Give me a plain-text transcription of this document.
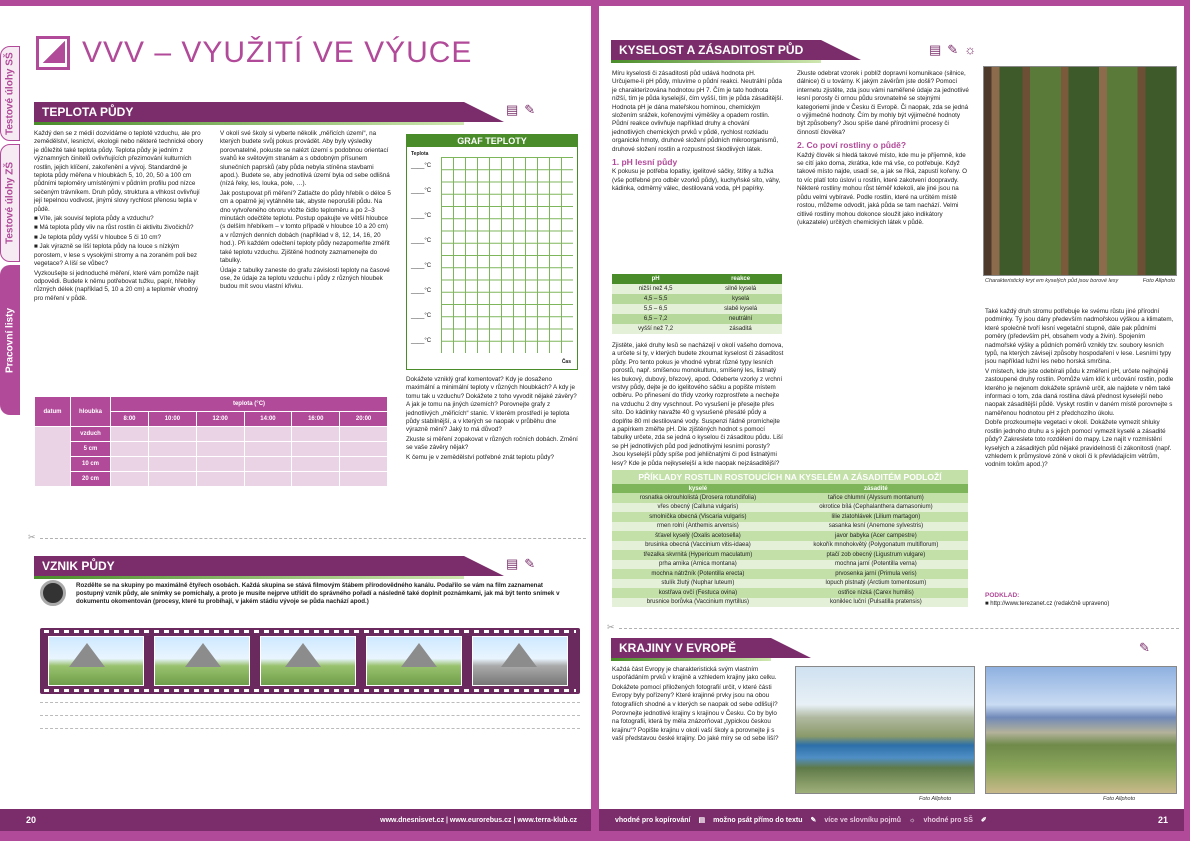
Testové úlohy SŠ
Testové úlohy ZŠ
Pracovní listy
VVV – VYUŽITÍ VE VÝUCE
TEPLOTA PŮDY	▤ ✎

Každý den se z médií dozvídáme o teplotě vzduchu, ale pro zemědělství, lesnictví, ekologii nebo některé technické obory je důležité také teplota půdy. Teplota půdy je jedním z významných činitelů ovlivňujících přezimování kulturních rostlin, jejich klíčení, zakořenění a vývoj. Standardně je teplota půdy měřena v hloubkách 5, 10, 20, 50 a 100 cm půdními teploměry umístěnými v půdním profilu pod nízce sečeným trávníkem. Druh půdy, struktura a vlhkost ovlivňují její tepelnou vodivost, jinými slovy rychlost přenosu tepla v půdě.

■ Víte, jak souvisí teplota půdy a vzduchu?

■ Má teplota půdy vliv na růst rostlin či aktivitu živočichů?

■ Je teplota půdy vyšší v hloubce 5 či 10 cm?

■ Jak výrazně se liší teplota půdy na louce s nízkým porostem, v lese s vysokými stromy a na zoraném poli bez vegetace? A liší se vůbec?

Vyzkoušejte si jednoduché měření, které vám pomůže najít odpovědi. Budete k němu potřebovat tužku, papír, hřebíky různých délek (například 5, 10 a 20 cm) a teploměr vhodný pro měření v půdě.

V okolí své školy si vyberte několik „měřicích území“, na kterých budete svůj pokus provádět. Aby byly výsledky porovnatelné, pokuste se nalézt území s podobnou orientací svahů ke světovým stranám a s obdobným přísunem slunečních paprsků (aby půda nebyla stíněna stavbami apod.). Budete se, aby jednotlivá území byla od sebe odlišná (nízá řeky, les, louka, pole, …).

Jak postupovat při měření? Zatlačte do půdy hřebík o délce 5 cm a opatrně jej vytáhněte tak, abyste neporušili půdu. Na dno vytvořeného otvoru vložte čidlo teploměru a po 2–3 minutách odečtěte teplotu. Postup opakujte ve větší hloubce (s delším hřebíkem – v tomto případě v hloubce 10 a 20 cm) a v různých denních dobách (například v 8, 12, 14, 16, 20 hod.). Při každém odečtení teploty půdy nezapomeňte změřit také teplotu vzduchu. Zjištěné hodnoty zaznamenejte do tabulky.

Údaje z tabulky zaneste do grafu závislosti teploty na časové ose, že údaje za teplotu vzduchu i půdy z různých hloubek budou mít svou vlastní křivku.

GRAF TEPLOTY
Teplota
____°C
____°C
____°C
____°C
____°C
____°C
____°C
____°C
Čas

Dokážete vzniklý graf komentovat? Kdy je dosaženo maximální a minimální teploty v různých hloubkách? A kdy je tomu tak u vzduchu? Dokážete z toho vyvodit nějaké závěry? A jak je tomu na jiných územích? Porovnejte grafy z jednotlivých „měřicích“ stanic. V kterém prostředí je teplota půdy stabilnější, a v kterých se naopak v průběhu dne výrazně mění? Jaký to má důvod?

Zkuste si měření zopakovat v různých ročních dobách. Změní se vaše závěry nějak?

K čemu je v zemědělství potřebné znát teplotu půdy?

datum	hloubka	teplota (°C)					
		8:00	10:00	12:00	14:00	16:00	20:00
	vzduch						
	5 cm						
	10 cm						
	20 cm						
✂
VZNIK PŮDY	▤ ✎
Rozdělte se na skupiny po maximálně čtyřech osobách. Každá skupina se stává filmovým štábem přírodovědného kanálu. Podařilo se vám na film zaznamenat postupný vznik půdy, ale snímky se pomíchaly, a proto je musíte nejprve utřídit do správného pořadí a následně také doplnit poznámkami, jak má být tento snímek v dokumentu okomentován (procesy, které tu probíhají, v jakém stádiu vývoje se půda nachází apod.)
www.dnesnisvet.cz | www.eurorebus.cz | www.terra-klub.cz
20
KYSELOST A ZÁSADITOST PŮD	▤ ✎ ☼

Míru kyselosti či zásaditosti půd udává hodnota pH. Určujeme-li pH půdy, mluvíme o půdní reakci. Neutrální půda je charakterizována hodnotou pH 7. Čím je tato hodnota nižší, tím je půda kyselejší, čím vyšší, tím je půda zásaditější. Hodnota pH je dána mateřskou horninou, chemickým složením srážek, kořenovými výměšky a opadem rostlin. Půdní reakce ovlivňuje například druhy a chování jednotlivých chemických prvků v půdě, rychlost rozkladu organické hmoty, druhové složení půdních mikroorganismů, druhové složení rostlin a rozpustnost škodlivých látek.

1. pH lesní půdy

K pokusu je potřeba lopatky, igelitové sáčky, štítky a tužka (vše potřebné pro odběr vzorků půdy), kuchyňské síto, váhy, kádinka, odměrný válec, destilovaná voda, pH papírky.

pH	reakce
nižší než 4,5	silně kyselá
4,5 – 5,5	kyselá
5,5 – 6,5	slabě kyselá
6,5 – 7,2	neutrální
vyšší než 7,2	zásaditá

Zjistěte, jaké druhy lesů se nacházejí v okolí vašeho domova, a určete si ty, v kterých budete zkoumat kyselost či zásaditost půdy. Pro tento pokus je vhodné vybrat různé typy lesních porostů, např. smíšenou monokulturu, smíšený les, listnatý les bukový, dubový, březový, apod. Odeberte vzorky z vrchní vrstvy půdy, dejte je do igelitového sáčku a popište místem odběru. Po přinesení do třídy vzorky rozprostřete a nechejte na vzduchu 2 dny vyschnout. Po vysušení je přesejte přes síto. Do kádinky navažte 40 g vysušené přesáté půdy a doplňte 80 ml destilované vody. Suspenzi řádně promíchejte a papírkem změřte pH. Dle zjištěných hodnot s pomocí tabulky určete, zda se jedná o kyselou či zásaditou půdu. Liší se pH jednotlivých půd pod jednotlivými lesními porosty? Jsou kyselejší půdy spíše pod jehličnatými či pod listnatými lesy? Kde je půda nejkyselejší a kde naopak nejzásaditější?

Zkuste odebrat vzorek i poblíž dopravní komunikace (silnice, dálnice) či u továrny. K jakým závěrům jste došli? Pomocí internetu zjistěte, zda jsou vámi naměřené údaje za jednotlivé lesní porosty či ornou půdu srovnatelné se stejnými kategoriemi jinde v Česku či Evropě. Či naopak, zda se jedná o výjimečné hodnoty. Čím by mohly být výjimečné hodnoty být způsobeny? Jsou spíše dané přírodními procesy či činností člověka?

2. Co poví rostliny o půdě?

Každý člověk si hledá takové místo, kde mu je příjemně, kde se cítí jako doma, zkrátka, kde má vše, co potřebuje. Když takové místo najde, usadí se, a jak se říká, zapustí kořeny. O to víc platí toto úsloví u rostlin, které zakotvení doopravdy. Některé rostliny mohou růst téměř kdekoli, ale jiné jsou na půdu velmi vybíravé. Podle rostlin, které na určitém místě rostou, můžeme odvodit, jaká půda se tam nachází. Velmi citlivé rostliny mohou dokonce sloužit jako indikátory (ukazatele) určitých chemických látek v půdě.

Charakteristický kryt em kyselých půd jsou borové lesy	Foto Allphoto

Také každý druh stromu potřebuje ke svému růstu jiné přírodní podmínky. Ty jsou dány především nadmořskou výškou a klimatem, které společně tvoří lesní vegetační stupně, dále pak půdními poměry (především pH, obsahem vody a živin). Spojením nadmořské výšky a půdních poměrů vznikly tzv. soubory lesních typů, na kterých závisejí způsoby hospodaření v lese. Lesními typy jsou například lužní les nebo horská smrčina.

V místech, kde jste odebírali půdu k změření pH, určete nejhojněji zastoupené druhy rostlin. Pomůže vám klíč k určování rostlin, podle kterého je nejenom dokážete správně určit, ale najdete v něm také informaci o tom, zda daná rostlina dává přednost kyselejší nebo naopak zásaditější půdě. Vyskyt rostlin v daném místě porovnejte s naměřenou hodnotou pH z předchozího úkolu.

Dobře prozkoumejte vegetaci v okolí. Dokážete vymezit shluky rostlin jednoho druhu a s jejich pomocí vymezit kyselé a zásadité půdy? Zakreslete toto rozdělení do mapy. Lze najít v rozmístění kyselých a zásaditých půd nějaké pravidelnosti či zákonitosti (např. vzhledem k průmyslové zóně v okolí či k převládajícím větrům, vodním tokům apod.)?

PODKLAD:
■ http://www.terezanet.cz (redakčně upraveno)
PŘÍKLADY ROSTLIN ROSTOUCÍCH NA KYSELÉM A ZÁSADITÉM PODLOŽÍ	
kyselé	zásadité
rosnatka okrouhlolistá (Drosera rotundifolia)	tařice chlumní (Alyssum montanum)
vřes obecný (Calluna vulgaris)	okrotice bílá (Cephalanthera damasonium)
smolnička obecná (Viscaria vulgaris)	lilie zlatohlávek (Lilium martagon)
rmen rolní (Anthemis arvensis)	sasanka lesní (Anemone sylvestris)
šťavel kyselý (Oxalis acetosella)	javor babyka (Acer campestre)
brusinka obecná (Vaccinium vitis-idaea)	kokořík mnohokvětý (Polygonatum multiflorum)
třezalka skvrnitá (Hypericum maculatum)	ptačí zob obecný (Ligustrum vulgare)
prha arnika (Arnica montana)	mochna jarní (Potentilla verna)
mochna nátržník (Potentilla erecta)	prvosenka jarní (Primula veris)
stulík žlutý (Nuphar luteum)	lopuch plstnatý (Arctium tomentosum)
kostřava ovčí (Festuca ovina)	ostřice nízká (Carex humilis)
brusnice borůvka (Vaccinium myrtillus)	koniklec luční (Pulsatilla pratensis)
✂
KRAJINY V EVROPĚ	✎

Každá část Evropy je charakteristická svým vlastním uspořádáním prvků v krajině a vzhledem krajiny jako celku.

Dokážete pomocí přiložených fotografií určit, v které části Evropy byly pořízeny? Které krajinné prvky jsou na obou fotografiích shodné a v kterých se naopak od sebe odlišují?

Porovnejte jednotlivé krajiny s krajinou v Česku. Co by bylo na fotografii, která by měla znázorňovat „typickou českou krajinu“? Popište krajinu v okolí vaší školy a porovnejte ji s vaší představou české krajiny. Do jaké míry se od sebe liší?

Foto Allphoto	Foto Allphoto
vhodné pro kopírování ▤ možno psát přímo do textu ✎ více ve slovníku pojmů ☼ vhodné pro SŠ ✐	21
